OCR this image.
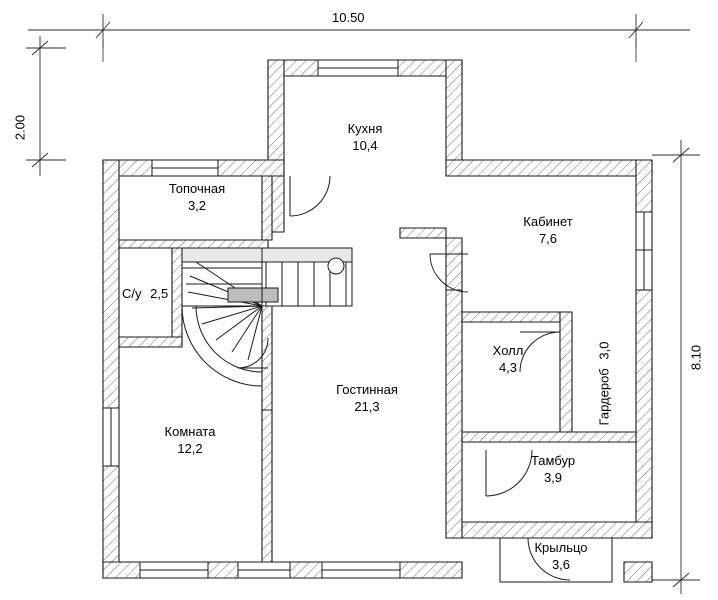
10.50
2.00
8.10
Кухня
10,4
Топочная
3,2
Кабинет
7,6
С/у 2,5
Холл
4,3
Гардероб 3,0
Гостинная
21,3
Тамбур
3,9
Комната
12,2
Крыльцо
3,6
